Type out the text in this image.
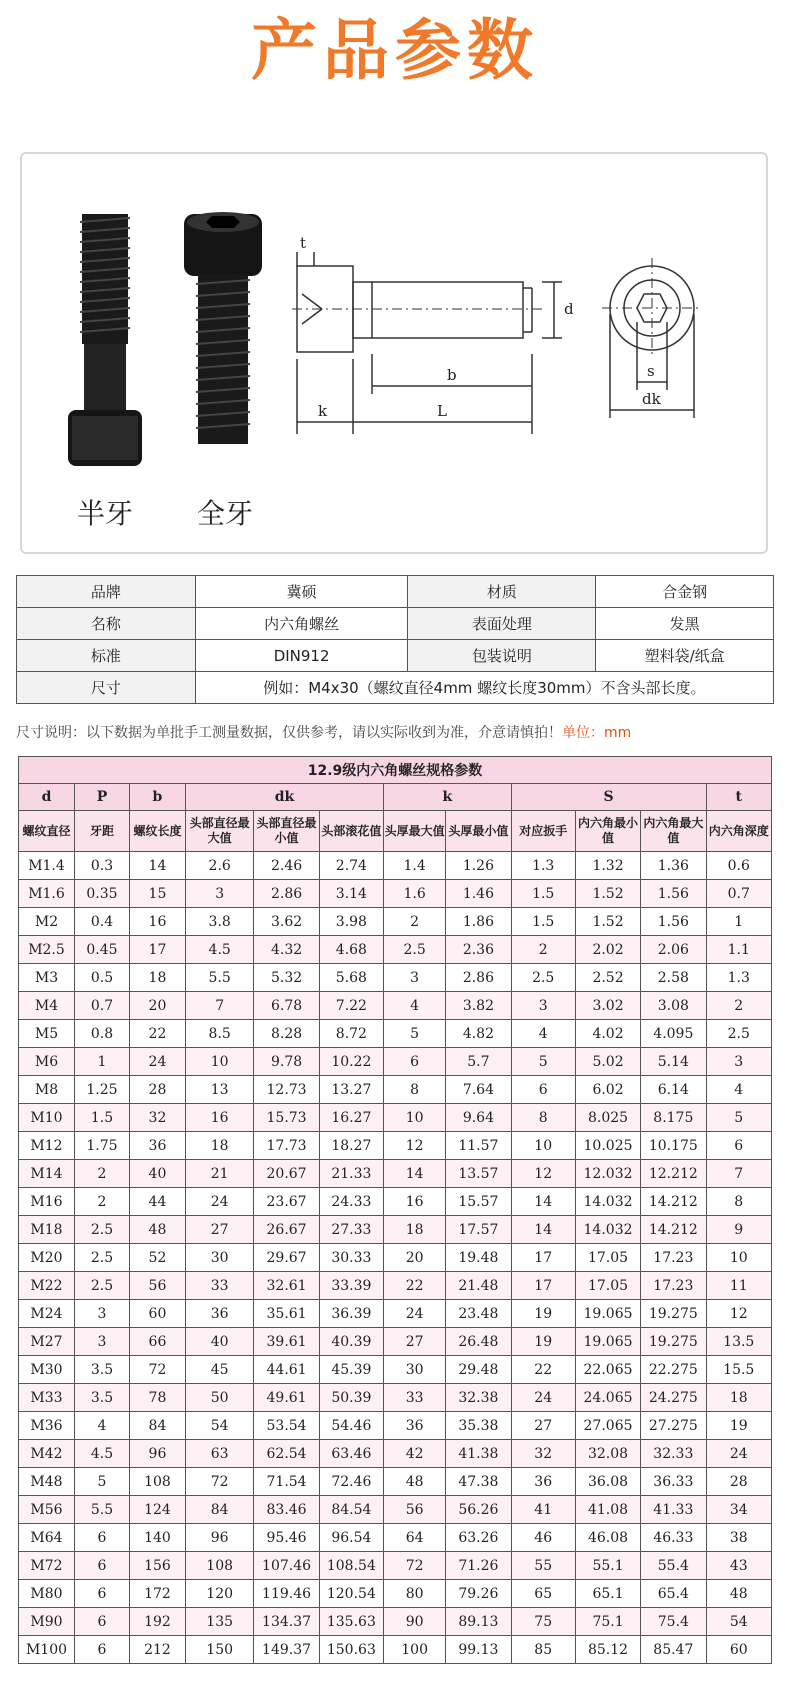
产品参数
t
d
b
k	L
s
dk
半牙 全牙
品牌	冀硕	材质	合金钢
名称	内六角螺丝	表面处理	发黑
标准	DIN912	包装说明	塑料袋/纸盒
尺寸	例如：M4x30（螺纹直径4mm 螺纹长度30mm）不含头部长度。		
尺寸说明：以下数据为单批手工测量数据，仅供参考，请以实际收到为准，介意请慎拍！单位：mm
12.9级内六角螺丝规格参数											
d	P	b	dk			k		S			t
螺纹直径	牙距	螺纹长度	头部直径最大值	头部直径最小值	头部滚花值	头厚最大值	头厚最小值	对应扳手	内六角最小值	内六角最大值	内六角深度
M1.4	0.3	14	2.6	2.46	2.74	1.4	1.26	1.3	1.32	1.36	0.6
M1.6	0.35	15	3	2.86	3.14	1.6	1.46	1.5	1.52	1.56	0.7
M2	0.4	16	3.8	3.62	3.98	2	1.86	1.5	1.52	1.56	1
M2.5	0.45	17	4.5	4.32	4.68	2.5	2.36	2	2.02	2.06	1.1
M3	0.5	18	5.5	5.32	5.68	3	2.86	2.5	2.52	2.58	1.3
M4	0.7	20	7	6.78	7.22	4	3.82	3	3.02	3.08	2
M5	0.8	22	8.5	8.28	8.72	5	4.82	4	4.02	4.095	2.5
M6	1	24	10	9.78	10.22	6	5.7	5	5.02	5.14	3
M8	1.25	28	13	12.73	13.27	8	7.64	6	6.02	6.14	4
M10	1.5	32	16	15.73	16.27	10	9.64	8	8.025	8.175	5
M12	1.75	36	18	17.73	18.27	12	11.57	10	10.025	10.175	6
M14	2	40	21	20.67	21.33	14	13.57	12	12.032	12.212	7
M16	2	44	24	23.67	24.33	16	15.57	14	14.032	14.212	8
M18	2.5	48	27	26.67	27.33	18	17.57	14	14.032	14.212	9
M20	2.5	52	30	29.67	30.33	20	19.48	17	17.05	17.23	10
M22	2.5	56	33	32.61	33.39	22	21.48	17	17.05	17.23	11
M24	3	60	36	35.61	36.39	24	23.48	19	19.065	19.275	12
M27	3	66	40	39.61	40.39	27	26.48	19	19.065	19.275	13.5
M30	3.5	72	45	44.61	45.39	30	29.48	22	22.065	22.275	15.5
M33	3.5	78	50	49.61	50.39	33	32.38	24	24.065	24.275	18
M36	4	84	54	53.54	54.46	36	35.38	27	27.065	27.275	19
M42	4.5	96	63	62.54	63.46	42	41.38	32	32.08	32.33	24
M48	5	108	72	71.54	72.46	48	47.38	36	36.08	36.33	28
M56	5.5	124	84	83.46	84.54	56	56.26	41	41.08	41.33	34
M64	6	140	96	95.46	96.54	64	63.26	46	46.08	46.33	38
M72	6	156	108	107.46	108.54	72	71.26	55	55.1	55.4	43
M80	6	172	120	119.46	120.54	80	79.26	65	65.1	65.4	48
M90	6	192	135	134.37	135.63	90	89.13	75	75.1	75.4	54
M100	6	212	150	149.37	150.63	100	99.13	85	85.12	85.47	60
